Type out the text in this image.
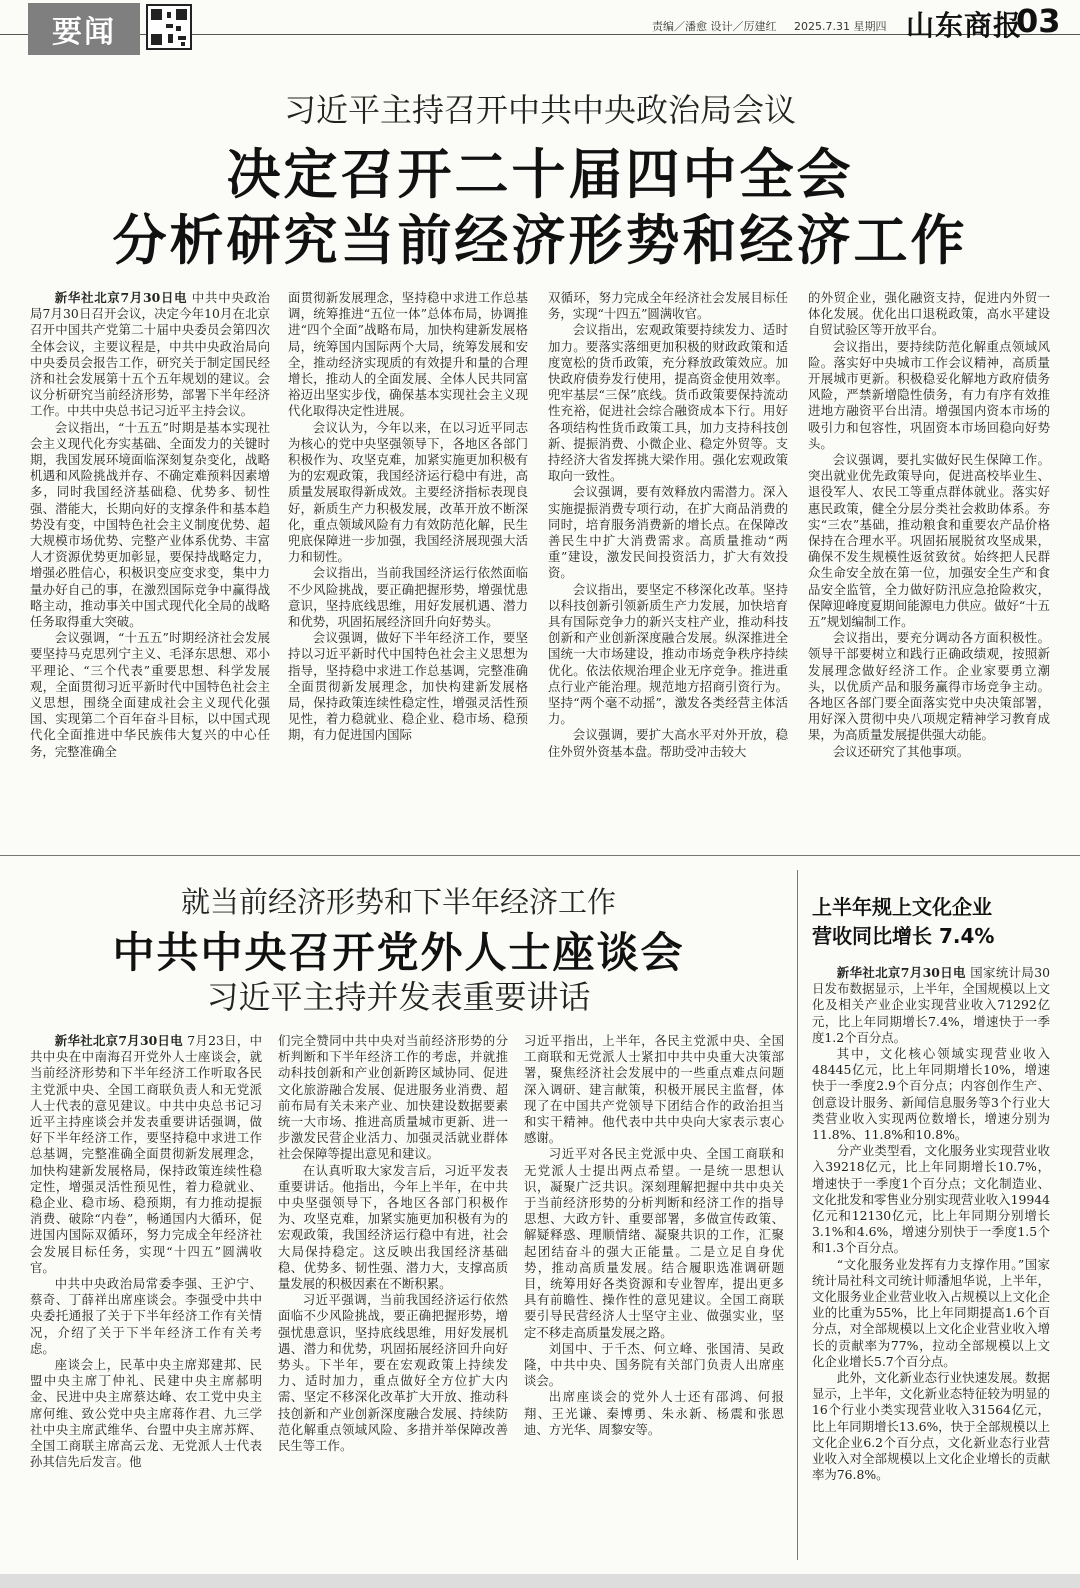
要闻	责编／潘愈 设计／厉建红 2025.7.31 星期四 山东商报
03
习近平主持召开中共中央政治局会议
决定召开二十届四中全会
分析研究当前经济形势和经济工作

新华社北京7月30日电 中共中央政治局7月30日召开会议，决定今年10月在北京召开中国共产党第二十届中央委员会第四次全体会议，主要议程是，中共中央政治局向中央委员会报告工作，研究关于制定国民经济和社会发展第十五个五年规划的建议。会议分析研究当前经济形势，部署下半年经济工作。中共中央总书记习近平主持会议。

会议指出，“十五五”时期是基本实现社会主义现代化夯实基础、全面发力的关键时期，我国发展环境面临深刻复杂变化，战略机遇和风险挑战并存、不确定难预料因素增多，同时我国经济基础稳、优势多、韧性强、潜能大，长期向好的支撑条件和基本趋势没有变，中国特色社会主义制度优势、超大规模市场优势、完整产业体系优势、丰富人才资源优势更加彰显，要保持战略定力，增强必胜信心，积极识变应变求变，集中力量办好自己的事，在激烈国际竞争中赢得战略主动，推动事关中国式现代化全局的战略任务取得重大突破。

会议强调，“十五五”时期经济社会发展要坚持马克思列宁主义、毛泽东思想、邓小平理论、“三个代表”重要思想、科学发展观，全面贯彻习近平新时代中国特色社会主义思想，围绕全面建成社会主义现代化强国、实现第二个百年奋斗目标，以中国式现代化全面推进中华民族伟大复兴的中心任务，完整准确全

面贯彻新发展理念，坚持稳中求进工作总基调，统筹推进“五位一体”总体布局，协调推进“四个全面”战略布局，加快构建新发展格局，统筹国内国际两个大局，统筹发展和安全，推动经济实现质的有效提升和量的合理增长，推动人的全面发展、全体人民共同富裕迈出坚实步伐，确保基本实现社会主义现代化取得决定性进展。

会议认为，今年以来，在以习近平同志为核心的党中央坚强领导下，各地区各部门积极作为、攻坚克难，加紧实施更加积极有为的宏观政策，我国经济运行稳中有进，高质量发展取得新成效。主要经济指标表现良好，新质生产力积极发展，改革开放不断深化，重点领域风险有力有效防范化解，民生兜底保障进一步加强，我国经济展现强大活力和韧性。

会议指出，当前我国经济运行依然面临不少风险挑战，要正确把握形势，增强忧患意识，坚持底线思维，用好发展机遇、潜力和优势，巩固拓展经济回升向好势头。

会议强调，做好下半年经济工作，要坚持以习近平新时代中国特色社会主义思想为指导，坚持稳中求进工作总基调，完整准确全面贯彻新发展理念，加快构建新发展格局，保持政策连续性稳定性，增强灵活性预见性，着力稳就业、稳企业、稳市场、稳预期，有力促进国内国际

双循环，努力完成全年经济社会发展目标任务，实现“十四五”圆满收官。

会议指出，宏观政策要持续发力、适时加力。要落实落细更加积极的财政政策和适度宽松的货币政策，充分释放政策效应。加快政府债券发行使用，提高资金使用效率。兜牢基层“三保”底线。货币政策要保持流动性充裕，促进社会综合融资成本下行。用好各项结构性货币政策工具，加力支持科技创新、提振消费、小微企业、稳定外贸等。支持经济大省发挥挑大梁作用。强化宏观政策取向一致性。

会议强调，要有效释放内需潜力。深入实施提振消费专项行动，在扩大商品消费的同时，培育服务消费新的增长点。在保障改善民生中扩大消费需求。高质量推动“两重”建设，激发民间投资活力，扩大有效投资。

会议指出，要坚定不移深化改革。坚持以科技创新引领新质生产力发展，加快培育具有国际竞争力的新兴支柱产业，推动科技创新和产业创新深度融合发展。纵深推进全国统一大市场建设，推动市场竞争秩序持续优化。依法依规治理企业无序竞争。推进重点行业产能治理。规范地方招商引资行为。坚持“两个毫不动摇”，激发各类经营主体活力。

会议强调，要扩大高水平对外开放，稳住外贸外资基本盘。帮助受冲击较大

的外贸企业，强化融资支持，促进内外贸一体化发展。优化出口退税政策，高水平建设自贸试验区等开放平台。

会议指出，要持续防范化解重点领域风险。落实好中央城市工作会议精神，高质量开展城市更新。积极稳妥化解地方政府债务风险，严禁新增隐性债务，有力有序有效推进地方融资平台出清。增强国内资本市场的吸引力和包容性，巩固资本市场回稳向好势头。

会议强调，要扎实做好民生保障工作。突出就业优先政策导向，促进高校毕业生、退役军人、农民工等重点群体就业。落实好惠民政策，健全分层分类社会救助体系。夯实“三农”基础，推动粮食和重要农产品价格保持在合理水平。巩固拓展脱贫攻坚成果，确保不发生规模性返贫致贫。始终把人民群众生命安全放在第一位，加强安全生产和食品安全监管，全力做好防汛应急抢险救灾，保障迎峰度夏期间能源电力供应。做好“十五五”规划编制工作。

会议指出，要充分调动各方面积极性。领导干部要树立和践行正确政绩观，按照新发展理念做好经济工作。企业家要勇立潮头，以优质产品和服务赢得市场竞争主动。各地区各部门要全面落实党中央决策部署，用好深入贯彻中央八项规定精神学习教育成果，为高质量发展提供强大动能。

会议还研究了其他事项。

就当前经济形势和下半年经济工作
中共中央召开党外人士座谈会
习近平主持并发表重要讲话

新华社北京7月30日电 7月23日，中共中央在中南海召开党外人士座谈会，就当前经济形势和下半年经济工作听取各民主党派中央、全国工商联负责人和无党派人士代表的意见建议。中共中央总书记习近平主持座谈会并发表重要讲话强调，做好下半年经济工作，要坚持稳中求进工作总基调，完整准确全面贯彻新发展理念，加快构建新发展格局，保持政策连续性稳定性，增强灵活性预见性，着力稳就业、稳企业、稳市场、稳预期，有力推动提振消费、破除“内卷”，畅通国内大循环，促进国内国际双循环，努力完成全年经济社会发展目标任务，实现“十四五”圆满收官。

中共中央政治局常委李强、王沪宁、蔡奇、丁薛祥出席座谈会。李强受中共中央委托通报了关于下半年经济工作有关情况，介绍了关于下半年经济工作有关考虑。

座谈会上，民革中央主席郑建邦、民盟中央主席丁仲礼、民建中央主席郝明金、民进中央主席蔡达峰、农工党中央主席何维、致公党中央主席蒋作君、九三学社中央主席武维华、台盟中央主席苏辉、全国工商联主席高云龙、无党派人士代表孙其信先后发言。他

们完全赞同中共中央对当前经济形势的分析判断和下半年经济工作的考虑，并就推动科技创新和产业创新跨区域协同、促进文化旅游融合发展、促进服务业消费、超前布局有关未来产业、加快建设数据要素统一大市场、推进高质量城市更新、进一步激发民营企业活力、加强灵活就业群体社会保障等提出意见和建议。

在认真听取大家发言后，习近平发表重要讲话。他指出，今年上半年，在中共中央坚强领导下，各地区各部门积极作为、攻坚克难，加紧实施更加积极有为的宏观政策，我国经济运行稳中有进，社会大局保持稳定。这反映出我国经济基础稳、优势多、韧性强、潜力大，支撑高质量发展的积极因素在不断积累。

习近平强调，当前我国经济运行依然面临不少风险挑战，要正确把握形势，增强忧患意识，坚持底线思维，用好发展机遇、潜力和优势，巩固拓展经济回升向好势头。下半年，要在宏观政策上持续发力、适时加力，重点做好全方位扩大内需、坚定不移深化改革扩大开放、推动科技创新和产业创新深度融合发展、持续防范化解重点领域风险、多措并举保障改善民生等工作。

习近平指出，上半年，各民主党派中央、全国工商联和无党派人士紧扣中共中央重大决策部署，聚焦经济社会发展中的一些重点难点问题深入调研、建言献策，积极开展民主监督，体现了在中国共产党领导下团结合作的政治担当和实干精神。他代表中共中央向大家表示衷心感谢。

习近平对各民主党派中央、全国工商联和无党派人士提出两点希望。一是统一思想认识，凝聚广泛共识。深刻理解把握中共中央关于当前经济形势的分析判断和经济工作的指导思想、大政方针、重要部署，多做宣传政策、解疑释惑、理顺情绪、凝聚共识的工作，汇聚起团结奋斗的强大正能量。二是立足自身优势，推动高质量发展。结合履职选准调研题目，统筹用好各类资源和专业智库，提出更多具有前瞻性、操作性的意见建议。全国工商联要引导民营经济人士坚守主业、做强实业，坚定不移走高质量发展之路。

刘国中、于千杰、何立峰、张国清、吴政隆，中共中央、国务院有关部门负责人出席座谈会。

出席座谈会的党外人士还有邵鸿、何报翔、王光谦、秦博勇、朱永新、杨震和张恩迪、方光华、周黎安等。

上半年规上文化企业
营收同比增长 7.4%

新华社北京7月30日电 国家统计局30日发布数据显示，上半年，全国规模以上文化及相关产业企业实现营业收入71292亿元，比上年同期增长7.4%，增速快于一季度1.2个百分点。

其中，文化核心领域实现营业收入48445亿元，比上年同期增长10%，增速快于一季度2.9个百分点；内容创作生产、创意设计服务、新闻信息服务等3个行业大类营业收入实现两位数增长，增速分别为11.8%、11.8%和10.8%。

分产业类型看，文化服务业实现营业收入39218亿元，比上年同期增长10.7%，增速快于一季度1个百分点；文化制造业、文化批发和零售业分别实现营业收入19944亿元和12130亿元，比上年同期分别增长3.1%和4.6%，增速分别快于一季度1.5个和1.3个百分点。

“文化服务业发挥有力支撑作用。”国家统计局社科文司统计师潘旭华说，上半年，文化服务业企业营业收入占规模以上文化企业的比重为55%，比上年同期提高1.6个百分点，对全部规模以上文化企业营业收入增长的贡献率为77%，拉动全部规模以上文化企业增长5.7个百分点。

此外，文化新业态行业快速发展。数据显示，上半年，文化新业态特征较为明显的16个行业小类实现营业收入31564亿元，比上年同期增长13.6%，快于全部规模以上文化企业6.2个百分点，文化新业态行业营业收入对全部规模以上文化企业增长的贡献率为76.8%。
